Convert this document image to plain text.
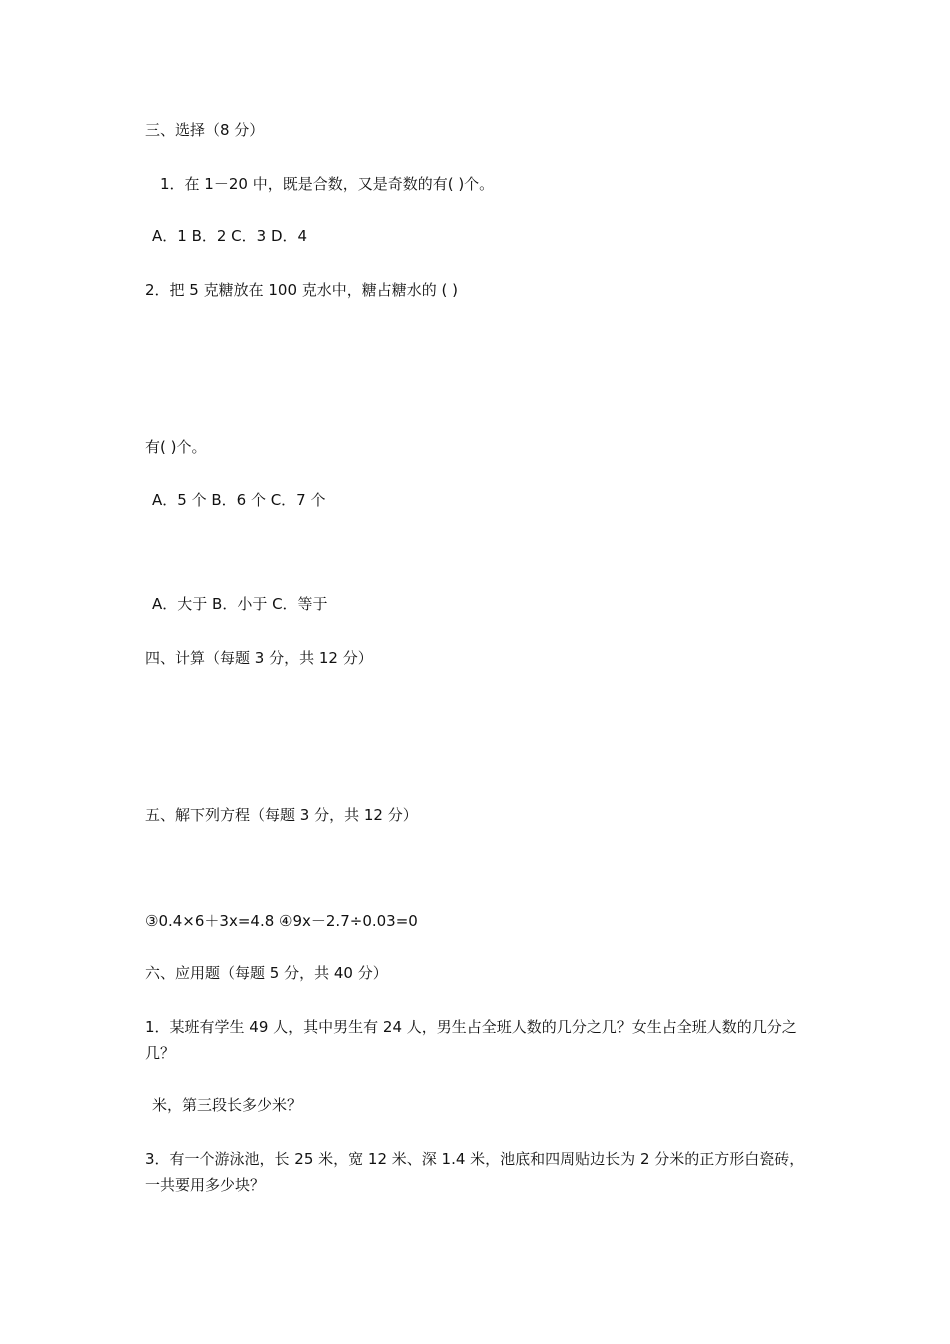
三、选择（8 分）
1．在 1－20 中，既是合数，又是奇数的有( )个。
A．1 B．2 C．3 D．4
2．把 5 克糖放在 100 克水中，糖占糖水的 ( )
有( )个。
A．5 个 B．6 个 C．7 个
A．大于 B．小于 C．等于
四、计算（每题 3 分，共 12 分）
五、解下列方程（每题 3 分，共 12 分）
③0.4×6＋3x=4.8 ④9x－2.7÷0.03=0
六、应用题（每题 5 分，共 40 分）
1．某班有学生 49 人，其中男生有 24 人，男生占全班人数的几分之几？女生占全班人数的几分之几？
米，第三段长多少米？
3．有一个游泳池，长 25 米，宽 12 米、深 1.4 米，池底和四周贴边长为 2 分米的正方形白瓷砖，一共要用多少块？
